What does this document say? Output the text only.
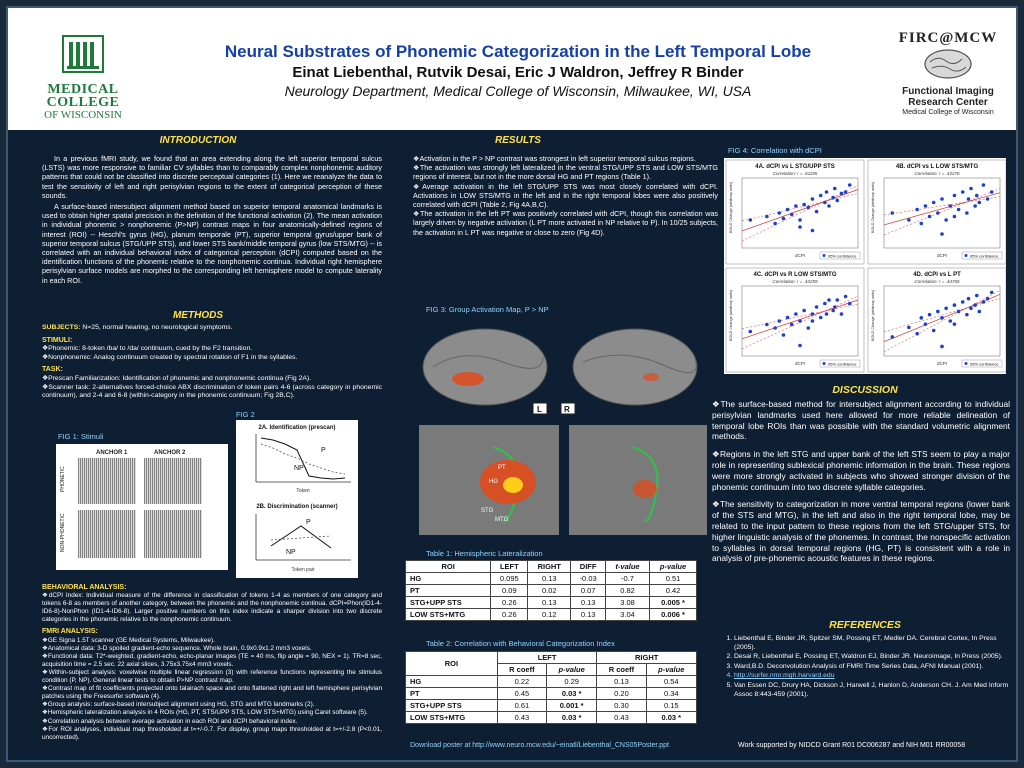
MEDICAL
COLLEGE
OF WISCONSIN
Neural Substrates of Phonemic Categorization in the Left Temporal Lobe
Einat Liebenthal, Rutvik Desai, Eric J Waldron, Jeffrey R Binder
Neurology Department, Medical College of Wisconsin, Milwaukee, WI, USA
FIRC@MCW
Functional Imaging
Research Center
Medical College of Wisconsin
INTRODUCTION

In a previous fMRI study, we found that an area extending along the left superior temporal sulcus (LSTS) was more responsive to familiar CV syllables than to comparably complex nonphonemic auditory patterns that could not be classified into discrete perceptual categories (1). Here we reanalyze the data to test the sensitivity of left and right perisylvian regions to the extent of categorical perception of these sounds.

A surface-based intersubject alignment method based on superior temporal anatomical landmarks is used to obtain higher spatial precision in the definition of the functional activation (2). The mean activation in individual phonemic > nonphonemic (P>NP) contrast maps in four anatomically-defined regions of interest (ROI) -- Heschl's gyrus (HG), planum temporale (PT), superior temporal gyrus/upper bank of superior temporal sulcus (STG/UPP STS), and lower STS bank/middle temporal gyrus (low STS/MTG) -- is correlated with an individual behavioral index of categorical perception (dCPI) computed based on the identification functions of the phonemic relative to the nonphonemic continua. Individual right hemisphere perisylvian surface models are morphed to the corresponding left hemisphere model to compute laterality in each ROI.

METHODS
SUBJECTS: N=25, normal hearing, no neurological symptoms.
STIMULI:
❖ Phonemic: 8-token /ba/ to /da/ continuum, cued by the F2 transition.
❖ Nonphonemic: Analog continuum created by spectral rotation of F1 in the syllables.
TASK:
❖ Prescan Familiarization: Identification of phonemic and nonphonemic continua (Fig 2A).
❖ Scanner task: 2-alternatives forced-choice ABX discrimination of token pairs 4-6 (across category in phonemic continuum), and 2-4 and 6-8 (within-category in the phonemic continuum; Fig 2B,C).
FIG 1: Stimuli
FIG 2
ANCHOR 1	ANCHOR 2
PHONETIC
NON-PHONETIC
2A. Identification (prescan)
P
NP
Token
2B. Discrimination (scanner)
P
NP
Token pair
BEHAVIORAL ANALYSIS:
❖ dCPI Index: Individual measure of the difference in classification of tokens 1-4 as members of one category and tokens 6-8 as members of another category, between the phonemic and the nonphonemic continua. dCPI=Phon(ID1-4-ID6-8)-NonPhon (ID1-4-ID6-8). Larger positive numbers on this index indicate a sharper division into two discrete categories in the phonemic relative to the nonphonemic continuum.
FMRI ANALYSIS:
❖ GE Signa 1.5T scanner (GE Medical Systems, Milwaukee).
❖ Anatomical data: 3-D spoiled gradient-echo sequence. Whole brain, 0.9x0.9x1.2 mm3 voxels.
❖ Functional data: T2*-weighted, gradient-echo, echo-planar images (TE = 40 ms, flip angle = 90, NEX = 1). TR=8 sec, acquisition time = 2.5 sec. 22 axial slices, 3.75x3.75x4 mm3 voxels.
❖ Within-subject analysis: voxelwise multiple linear regression (3) with reference functions representing the stimulus condition (P, NP). General linear tests to obtain P>NP contrast map.
❖ Contrast map of fit coefficients projected onto talairach space and onto flattened right and left hemisphere perisylvian patches using the Freesurfer software (4).
❖ Group analysis: surface-based intersubject alignment using HG, STG and MTG landmarks (2).
❖ Hemispheric lateralization analysis in 4 ROIs (HG, PT, STS/UPP STS, LOW STS+MTG) using Caret software (5).
❖ Correlation analysis between average activation in each ROI and dCPI behavioral index.
❖ For ROI analyses, individual map thresholded at t=+/-0.7. For display, group maps thresholded at t=+/-2.8 (P<0.01, uncorrected).
RESULTS
❖ Activation in the P > NP contrast was strongest in left superior temporal sulcus regions.
❖ The activation was strongly left lateralized in the ventral STG/UPP STS and LOW STS/MTG regions of interest, but not in the more dorsal HG and PT regions (Table 1).
❖ Average activation in the left STG/UPP STS was most closely correlated with dCPI. Activations in LOW STS/MTG in the left and in the right temporal lobes were also positively correlated with dCPI (Table 2, Fig 4A,B,C).
❖ The activation in the left PT was positively correlated with dCPI, though this correlation was largely driven by negative activation (L PT more activated in NP relative to P). In 10/25 subjects, the activation in L PT was negative or close to zero (Fig 4D).
FIG 3: Group Activation Map, P > NP
L	R
PT
HG
STG
MTG
Table 1: Hemispheric Lateralization
ROI	LEFT	RIGHT	DIFF	t-value	p-value
HG	0.095	0.13	-0.03	-0.7	0.51
PT	0.09	0.02	0.07	0.82	0.42
STG+UPP STS	0.26	0.13	0.13	3.08	0.005 *
LOW STS+MTG	0.26	0.12	0.13	3.04	0.006 *
Table 2: Correlation with Behavioral Categorization Index
ROI	LEFT		RIGHT	
	R coeff	p-value	R coeff	p-value
HG	0.22	0.29	0.13	0.54
PT	0.45	0.03 *	0.20	0.34
STG+UPP STS	0.61	0.001 *	0.30	0.15
LOW STS+MTG	0.43	0.03 *	0.43	0.03 *
Download poster at http://www.neuro.mcw.edu/~einatl/Liebenthal_CNS05Poster.ppt
FIG 4: Correlation with dCPI
4A. dCPI vs L STG/UPP STS
Correlation: r = .61195
dCPI
BOLD Change (arbitrary units)
95% confidence
4B. dCPI vs L LOW STS/MTG
Correlation: r = .43278
dCPI
BOLD Change (arbitrary units)
95% confidence
4C. dCPI vs R LOW STS/MTG
Correlation: r = .43259
dCPI
BOLD Change (arbitrary units)
95% confidence
4D. dCPI vs L PT
Correlation: r = .44765
dCPI
BOLD Change (arbitrary units)
95% confidence
DISCUSSION

❖ The surface-based method for intersubject alignment according to individual perisylvian landmarks used here allowed for more reliable delineation of temporal lobe ROIs than was possible with the standard volumetric alignment methods.

❖ Regions in the left STG and upper bank of the left STS seem to play a major role in representing sublexical phonemic information in the brain. These regions were more strongly activated in subjects who showed stronger division of the phonemic continuum into two discrete syllable categories.

❖ The sensitivity to categorization in more ventral temporal regions (lower bank of the STS and MTG), in the left and also in the right temporal lobe, may be related to the input pattern to these regions from the left STG/upper STS, for higher linguistic analysis of the phonemes. In contrast, the nonspecific activation to syllables in dorsal temporal regions (HG, PT) is consistent with a role in analysis of pre-phonemic acoustic features in these regions.

REFERENCES
1. Liebenthal E, Binder JR, Spitzer SM, Possing ET, Medler DA. Cerebral Cortex, In Press (2005).
2. Desai R, Liebenthal E, Possing ET, Waldron EJ, Binder JR. Neuroimage, In Press (2005).
3. Ward,B.D. Deconvolution Analysis of FMRI Time Series Data, AFNI Manual (2001).
4. http://surfer.nmr.mgh.harvard.edu
5. Van Essen DC, Drury HA, Dickson J, Harwell J, Hanlon D, Anderson CH. J. Am Med Inform Assoc 8:443-459 (2001).
Work supported by NIDCD Grant R01 DC006287 and NIH M01 RR00058
